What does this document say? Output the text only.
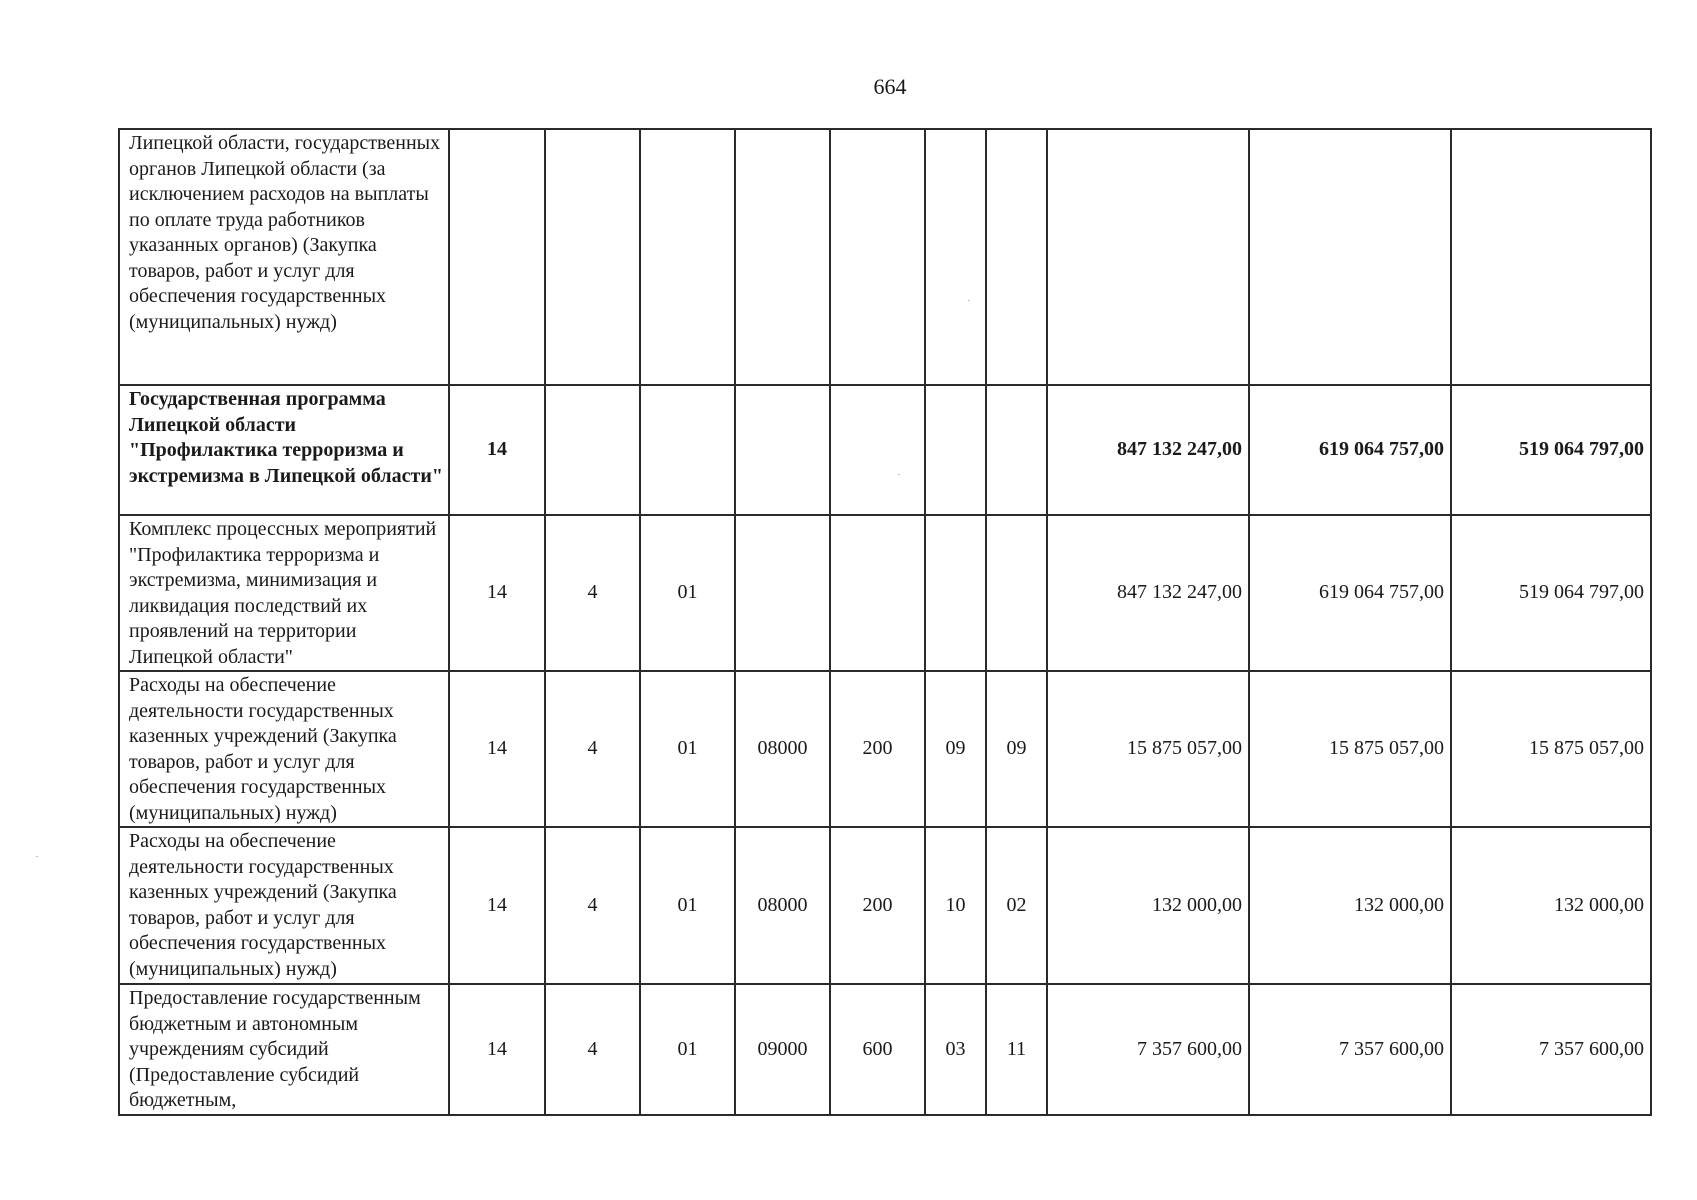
664
Липецкой области, государственных органов Липецкой области (за исключением расходов на выплаты по оплате труда работников указанных органов) (Закупка товаров, работ и услуг для обеспечения государственных (муниципальных) нужд)										
Государственная программа Липецкой области "Профилактика терроризма и экстремизма в Липецкой области"	14							847 132 247,00	619 064 757,00	519 064 797,00
Комплекс процессных мероприятий "Профилактика терроризма и экстремизма, минимизация и ликвидация последствий их проявлений на территории Липецкой области"	14	4	01					847 132 247,00	619 064 757,00	519 064 797,00
Расходы на обеспечение деятельности государственных казенных учреждений (Закупка товаров, работ и услуг для обеспечения государственных (муниципальных) нужд)	14	4	01	08000	200	09	09	15 875 057,00	15 875 057,00	15 875 057,00
Расходы на обеспечение деятельности государственных казенных учреждений (Закупка товаров, работ и услуг для обеспечения государственных (муниципальных) нужд)	14	4	01	08000	200	10	02	132 000,00	132 000,00	132 000,00
Предоставление государственным бюджетным и автономным учреждениям субсидий (Предоставление субсидий бюджетным,	14	4	01	09000	600	03	11	7 357 600,00	7 357 600,00	7 357 600,00
